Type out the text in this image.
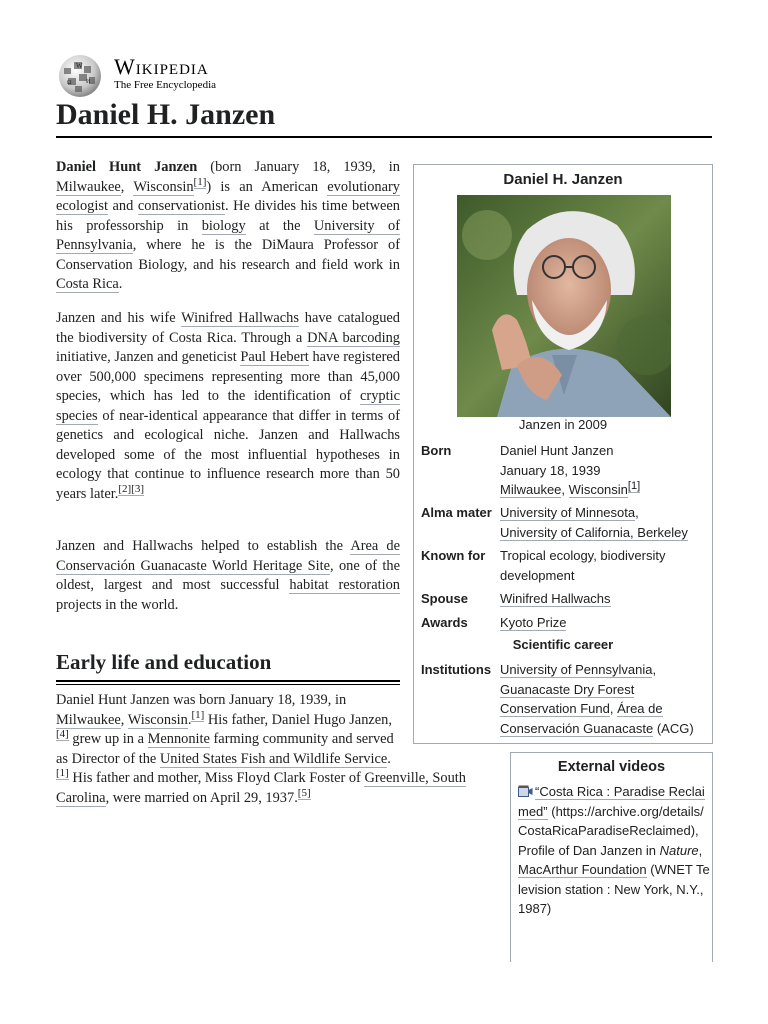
W
Ω И
Wikipedia
The Free Encyclopedia
Daniel H. Janzen

Daniel Hunt Janzen (born January 18, 1939, in Milwaukee, Wisconsin[1]) is an American evolutionary ecologist and conservationist. He divides his time between his professorship in biology at the University of Pennsylvania, where he is the DiMaura Professor of Conservation Biology, and his research and field work in Costa Rica.

Janzen and his wife Winifred Hallwachs have catalogued the biodiversity of Costa Rica. Through a DNA barcoding initiative, Janzen and geneticist Paul Hebert have registered over 500,000 specimens representing more than 45,000 species, which has led to the identification of cryptic species of near-identical appearance that differ in terms of genetics and ecological niche. Janzen and Hallwachs developed some of the most influential hypotheses in ecology that continue to influence research more than 50 years later.[2][3]

Janzen and Hallwachs helped to establish the Area de Conservación Guanacaste World Heritage Site, one of the oldest, largest and most successful habitat restoration projects in the world.

Early life and education

Daniel Hunt Janzen was born January 18, 1939, in Milwaukee, Wisconsin.[1] His father, Daniel Hugo Janzen,[4] grew up in a Mennonite farming community and served as Director of the United States Fish and Wildlife Service.[1] His father and mother, Miss Floyd Clark Foster of Greenville, South Carolina, were married on April 29, 1937.[5]

Daniel H. Janzen
Janzen in 2009
Born	Daniel Hunt Janzen
January 18, 1939
Milwaukee, Wisconsin[1]
Alma mater University of Minnesota,
University of California, Berkeley
Known for	Tropical ecology, biodiversity development
Spouse	Winifred Hallwachs
Awards	Kyoto Prize
Scientific career
Institutions University of Pennsylvania,
Guanacaste Dry Forest Conservation Fund, Área de Conservación Guanacaste (ACG)
External videos
“Costa Rica : Paradise Reclaimed” (https://archive.org/details/CostaRicaParadiseReclaimed), Profile of Dan Janzen in Nature, MacArthur Foundation (WNET Television station : New York, N.Y., 1987)
